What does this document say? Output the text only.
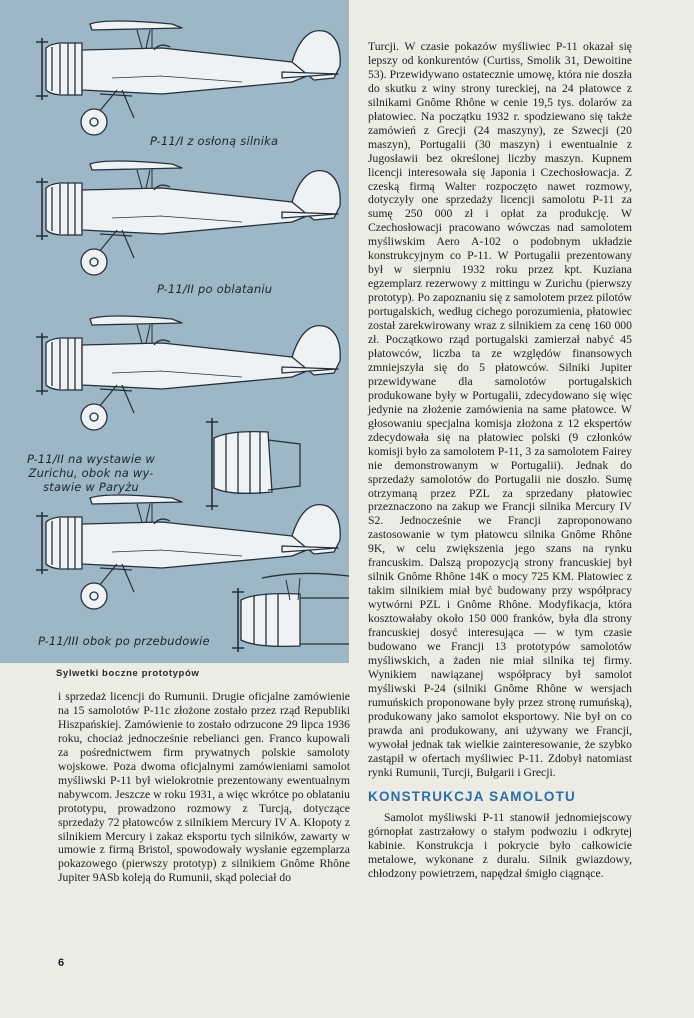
P-11/I z osłoną silnika
P-11/II po oblataniu
P-11/II na wystawie w Zurichu, obok na wy- stawie w Paryżu
P-11/III obok po przebudowie
Sylwetki boczne prototypów

i sprzedaż licencji do Rumunii. Drugie oficjalne zamówienie na 15 samolotów P-11c złożone zostało przez rząd Republiki Hiszpańskiej. Zamówienie to zostało odrzucone 29 lipca 1936 roku, chociaż jednocześnie rebelianci gen. Franco kupowali za pośrednictwem firm prywatnych polskie samoloty wojskowe. Poza dwoma oficjalnymi zamówieniami samolot myśliwski P-11 był wielokrotnie prezentowany ewentualnym nabywcom. Jeszcze w roku 1931, a więc wkrótce po oblataniu prototypu, prowadzono rozmowy z Turcją, dotyczące sprzedaży 72 płatowców z silnikiem Mercury IV A. Kłopoty z silnikiem Mercury i zakaz eksportu tych silników, zawarty w umowie z firmą Bristol, spowodowały wysłanie egzemplarza pokazowego (pierwszy prototyp) z silnikiem Gnôme Rhône Jupiter 9ASb koleją do Rumunii, skąd poleciał do

Turcji. W czasie pokazów myśliwiec P-11 okazał się lepszy od konkurentów (Curtiss, Smolik 31, Dewoitine 53). Przewidywano ostatecznie umowę, która nie doszła do skutku z winy strony tureckiej, na 24 płatowce z silnikami Gnôme Rhône w cenie 19,5 tys. dolarów za płatowiec. Na początku 1932 r. spodziewano się także zamówień z Grecji (24 maszyny), ze Szwecji (20 maszyn), Portugalii (30 maszyn) i ewentualnie z Jugosławii bez określonej liczby maszyn. Kupnem licencji interesowała się Japonia i Czechosłowacja. Z czeską firmą Walter rozpoczęto nawet rozmowy, dotyczyły one sprzedaży licencji samolotu P-11 za sumę 250 000 zł i opłat za produkcję. W Czechosłowacji pracowano wówczas nad samolotem myśliwskim Aero A-102 o podobnym układzie konstrukcyjnym co P-11. W Portugalii prezentowany był w sierpniu 1932 roku przez kpt. Kuziana egzemplarz rezerwowy z mittingu w Zurichu (pierwszy prototyp). Po zapoznaniu się z samolotem przez pilotów portugalskich, według cichego porozumienia, płatowiec został zarekwirowany wraz z silnikiem za cenę 160 000 zł. Początkowo rząd portugalski zamierzał nabyć 45 płatowców, liczba ta ze względów finansowych zmniejszyła się do 5 płatowców. Silniki Jupiter przewidywane dla samolotów portugalskich produkowane były w Portugalii, zdecydowano się więc jedynie na złożenie zamówienia na same płatowce. W głosowaniu specjalna komisja złożona z 12 ekspertów zdecydowała się na płatowiec polski (9 członków komisji było za samolotem P-11, 3 za samolotem Fairey nie demonstrowanym w Portugalii). Jednak do sprzedaży samolotów do Portugalii nie doszło. Sumę otrzymaną przez PZL za sprzedany płatowiec przeznaczono na zakup we Francji silnika Mercury IV S2. Jednocześnie we Francji zaproponowano zastosowanie w tym płatowcu silnika Gnôme Rhône 9K, w celu zwiększenia jego szans na rynku francuskim. Dalszą propozycją strony francuskiej był silnik Gnôme Rhône 14K o mocy 725 KM. Płatowiec z takim silnikiem miał być budowany przy współpracy wytwórni PZL i Gnôme Rhône. Modyfikacja, która kosztowałaby około 150 000 franków, była dla strony francuskiej dosyć interesująca — w tym czasie budowano we Francji 13 prototypów samolotów myśliwskich, a żaden nie miał silnika tej firmy. Wynikiem nawiązanej współpracy był samolot myśliwski P-24 (silniki Gnôme Rhône w wersjach rumuńskich proponowane były przez stronę rumuńską), produkowany jako samolot eksportowy. Nie był on co prawda ani produkowany, ani używany we Francji, wywołał jednak tak wielkie zainteresowanie, że szybko zastąpił w ofertach myśliwiec P-11. Zdobył natomiast rynki Rumunii, Turcji, Bułgarii i Grecji.

KONSTRUKCJA SAMOLOTU

Samolot myśliwski P-11 stanowił jednomiejscowy górnopłat zastrzałowy o stałym podwoziu i odkrytej kabinie. Konstrukcja i pokrycie było całkowicie metalowe, wykonane z duralu. Silnik gwiazdowy, chłodzony powietrzem, napędzał śmigło ciągnące.

6
